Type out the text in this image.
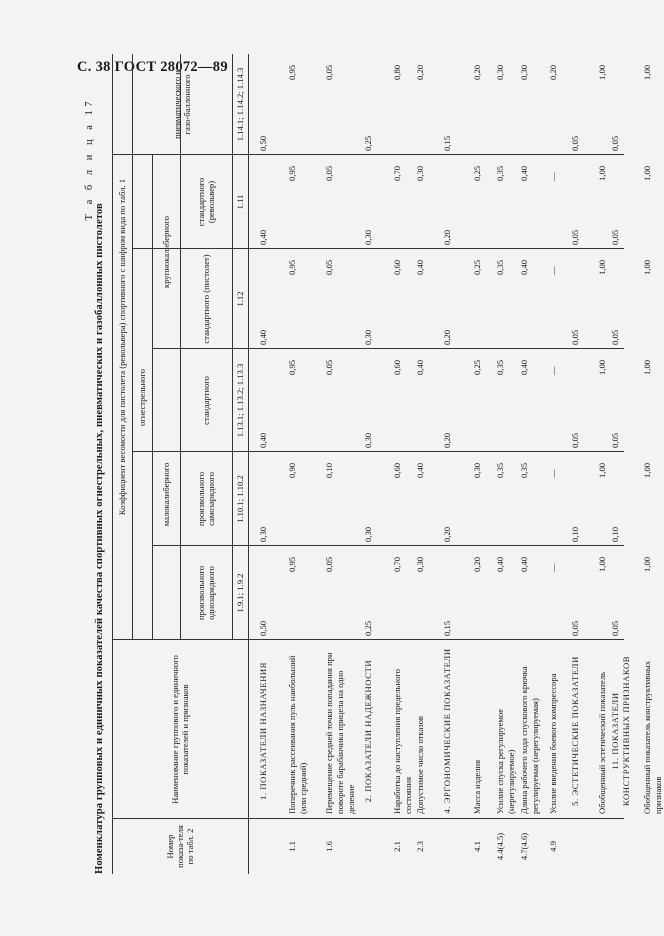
С. 38 ГОСТ 28072—89
Т а б л и ц а 17
Номенклатура групповых и единичных показателей качества спортивных огнестрельных, пневматических и газобаллонных пистолетов	Номер показа-теля по табл. 2
Наименование группового и единичного показателей и признаков
Коэффициент весомости для пистолета (револьвера) спортивного с шифром вида по табл. 1	огнестрельного
пневматического и газо-баллонного
малокалиберного
крупнокалиберного
произвольного однозарядного
произвольного самозарядного
стандартного
стандартного (пистолет)
стандартного (револьвер)
1.9.1; 1.9.2
1.10.1; 1.10.2
1.13.1; 1.13.2; 1.13.3
1.12
1.11
1.14.1; 1.14.2; 1.14.3
1. ПОКАЗАТЕЛИ НАЗНАЧЕНИЯ
0,50
0,30
0,40
0,40
0,40
0,50
1.1
Поперечник рассеивания пуль наибольший (или средний)
0,95
0,90
0,95
0,95
0,95
0,95
1.6
Перемещение средней точки попадания при повороте барабанчика прицела на одно деление
0,05
0,10
0,05
0,05
0,05
0,05
2. ПОКАЗАТЕЛИ НАДЕЖНОСТИ
0,25
0,30
0,30
0,30
0,30
0,25
2.1
Наработка до наступления предельного состояния
0,70
0,60
0,60
0,60
0,70
0,80
2.3
Допустимое число отказов
0,30
0,40
0,40
0,40
0,30
0,20
4. ЭРГОНОМИЧЕСКИЕ ПОКАЗАТЕЛИ
0,15
0,20
0,20
0,20
0,20
0,15
4.1
Масса изделия
0,20
0,30
0,25
0,25
0,25
0,20
4.4(4.5)
Усилие спуска регулируемое (нерегулируемое)
0,40
0,35
0,35
0,35
0,35
0,30
4.7(4.6)
Длина рабочего хода спускового крючка регулируемая (нерегулируемая)
0,40
0,35
0,40
0,40
0,40
0,30
4.9
Усилие введения боевого компрессора
—
—
—
—
—
0,20
5. ЭСТЕТИЧЕСКИЕ ПОКАЗАТЕЛИ
0,05
0,10
0,05
0,05
0,05
0,05
Обобщенный эстетический показатель
1,00
1,00
1,00
1,00
1,00
1,00
11. ПОКАЗАТЕЛИ КОНСТРУКТИВНЫХ ПРИЗНАКОВ
0,05
0,10
0,05
0,05
0,05
0,05
Обобщенный показатель конструктивных признаков
1,00
1,00
1,00
1,00
1,00
1,00
